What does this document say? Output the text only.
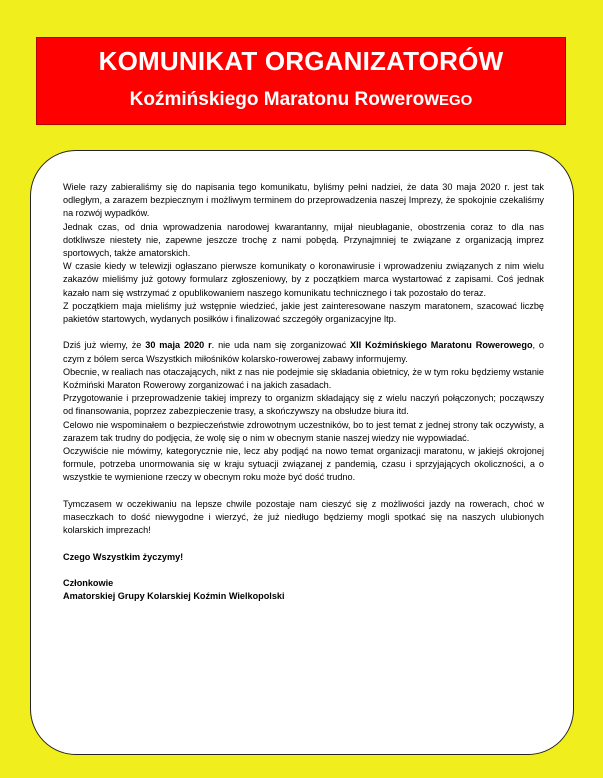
KOMUNIKAT ORGANIZATORÓW
Koźmińskiego Maratonu RowerowEGO

Wiele razy zabieraliśmy się do napisania tego komunikatu, byliśmy pełni nadziei, że data 30 maja 2020 r. jest tak odległym, a zarazem bezpiecznym i możliwym terminem do przeprowadzenia naszej Imprezy, że spokojnie czekaliśmy na rozwój wypadków.

Jednak czas, od dnia wprowadzenia narodowej kwarantanny, mijał nieubłaganie, obostrzenia coraz to dla nas dotkliwsze niestety nie, zapewne jeszcze trochę z nami pobędą. Przynajmniej te związane z organizacją imprez sportowych, także amatorskich.

W czasie kiedy w telewizji ogłaszano pierwsze komunikaty o koronawirusie i wprowadzeniu związanych z nim wielu zakazów mieliśmy już gotowy formularz zgłoszeniowy, by z początkiem marca wystartować z zapisami. Coś jednak kazało nam się wstrzymać z opublikowaniem naszego komunikatu technicznego i tak pozostało do teraz.

Z początkiem maja mieliśmy już wstępnie wiedzieć, jakie jest zainteresowane naszym maratonem, szacować liczbę pakietów startowych, wydanych posiłków i finalizować szczegóły organizacyjne ltp.

Dziś już wiemy, że 30 maja 2020 r. nie uda nam się zorganizować XII Koźmińskiego Maratonu Rowerowego, o czym z bólem serca Wszystkich miłośników kolarsko-rowerowej zabawy informujemy.

Obecnie, w realiach nas otaczających, nikt z nas nie podejmie się składania obietnicy, że w tym roku będziemy wstanie Koźmiński Maraton Rowerowy zorganizować i na jakich zasadach.

Przygotowanie i przeprowadzenie takiej imprezy to organizm składający się z wielu naczyń połączonych; począwszy od finansowania, poprzez zabezpieczenie trasy, a skończywszy na obsłudze biura itd.

Celowo nie wspominałem o bezpieczeństwie zdrowotnym uczestników, bo to jest temat z jednej strony tak oczywisty, a zarazem tak trudny do podjęcia, że wolę się o nim w obecnym stanie naszej wiedzy nie wypowiadać.

Oczywiście nie mówimy, kategorycznie nie, lecz aby podjąć na nowo temat organizacji maratonu, w jakiejś okrojonej formule, potrzeba unormowania się w kraju sytuacji związanej z pandemią, czasu i sprzyjających okoliczności, a o wszystkie te wymienione rzeczy w obecnym roku może być dość trudno.

Tymczasem w oczekiwaniu na lepsze chwile pozostaje nam cieszyć się z możliwości jazdy na rowerach, choć w maseczkach to dość niewygodne i wierzyć, że już niedługo będziemy mogli spotkać się na naszych ulubionych kolarskich imprezach!

Czego Wszystkim życzymy!

Członkowie

Amatorskiej Grupy Kolarskiej Koźmin Wielkopolski
